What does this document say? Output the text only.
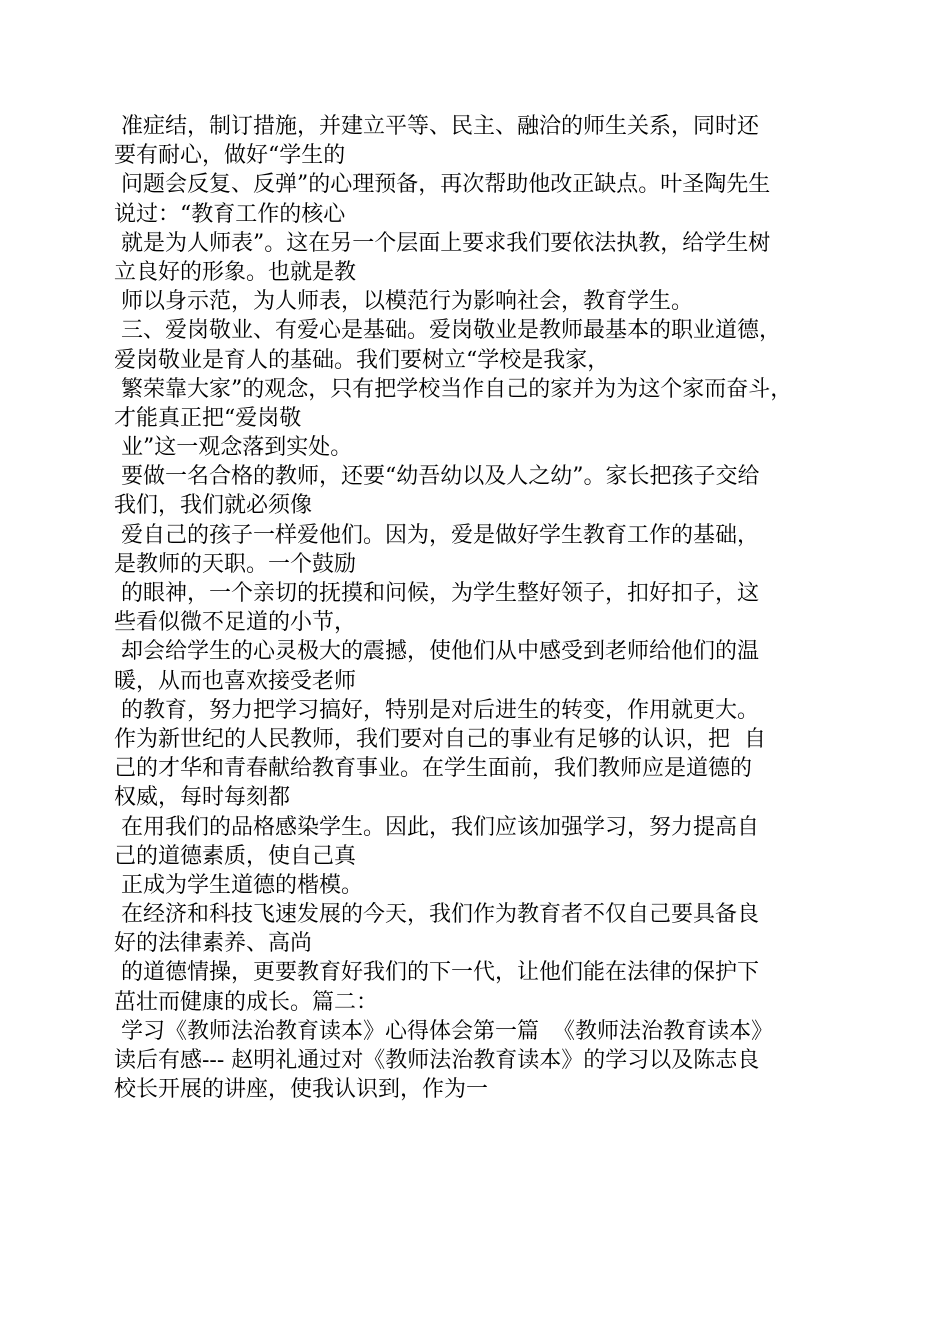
准症结，制订措施，并建立平等、民主、融洽的师生关系，同时还
要有耐心，做好“学生的
问题会反复、反弹”的心理预备，再次帮助他改正缺点。叶圣陶先生
说过：“教育工作的核心
就是为人师表”。这在另一个层面上要求我们要依法执教，给学生树
立良好的形象。也就是教
师以身示范，为人师表，以模范行为影响社会，教育学生。
三、爱岗敬业、有爱心是基础。爱岗敬业是教师最基本的职业道德，
爱岗敬业是育人的基础。我们要树立“学校是我家，
繁荣靠大家”的观念，只有把学校当作自己的家并为为这个家而奋斗，
才能真正把“爱岗敬
业”这一观念落到实处。
要做一名合格的教师，还要“幼吾幼以及人之幼”。家长把孩子交给
我们，我们就必须像
爱自己的孩子一样爱他们。因为，爱是做好学生教育工作的基础，
是教师的天职。一个鼓励
的眼神，一个亲切的抚摸和问候，为学生整好领子，扣好扣子，这
些看似微不足道的小节，
却会给学生的心灵极大的震撼，使他们从中感受到老师给他们的温
暖，从而也喜欢接受老师
的教育，努力把学习搞好，特别是对后进生的转变，作用就更大。
作为新世纪的人民教师，我们要对自己的事业有足够的认识，把  自
己的才华和青春献给教育事业。在学生面前，我们教师应是道德的
权威，每时每刻都
在用我们的品格感染学生。因此，我们应该加强学习，努力提高自
己的道德素质，使自己真
正成为学生道德的楷模。
在经济和科技飞速发展的今天，我们作为教育者不仅自己要具备良
好的法律素养、高尚
的道德情操，更要教育好我们的下一代，让他们能在法律的保护下
茁壮而健康的成长。篇二：
学习《教师法治教育读本》心得体会第一篇  《教师法治教育读本》
读后有感--- 赵明礼通过对《教师法治教育读本》的学习以及陈志良
校长开展的讲座，使我认识到，作为一
